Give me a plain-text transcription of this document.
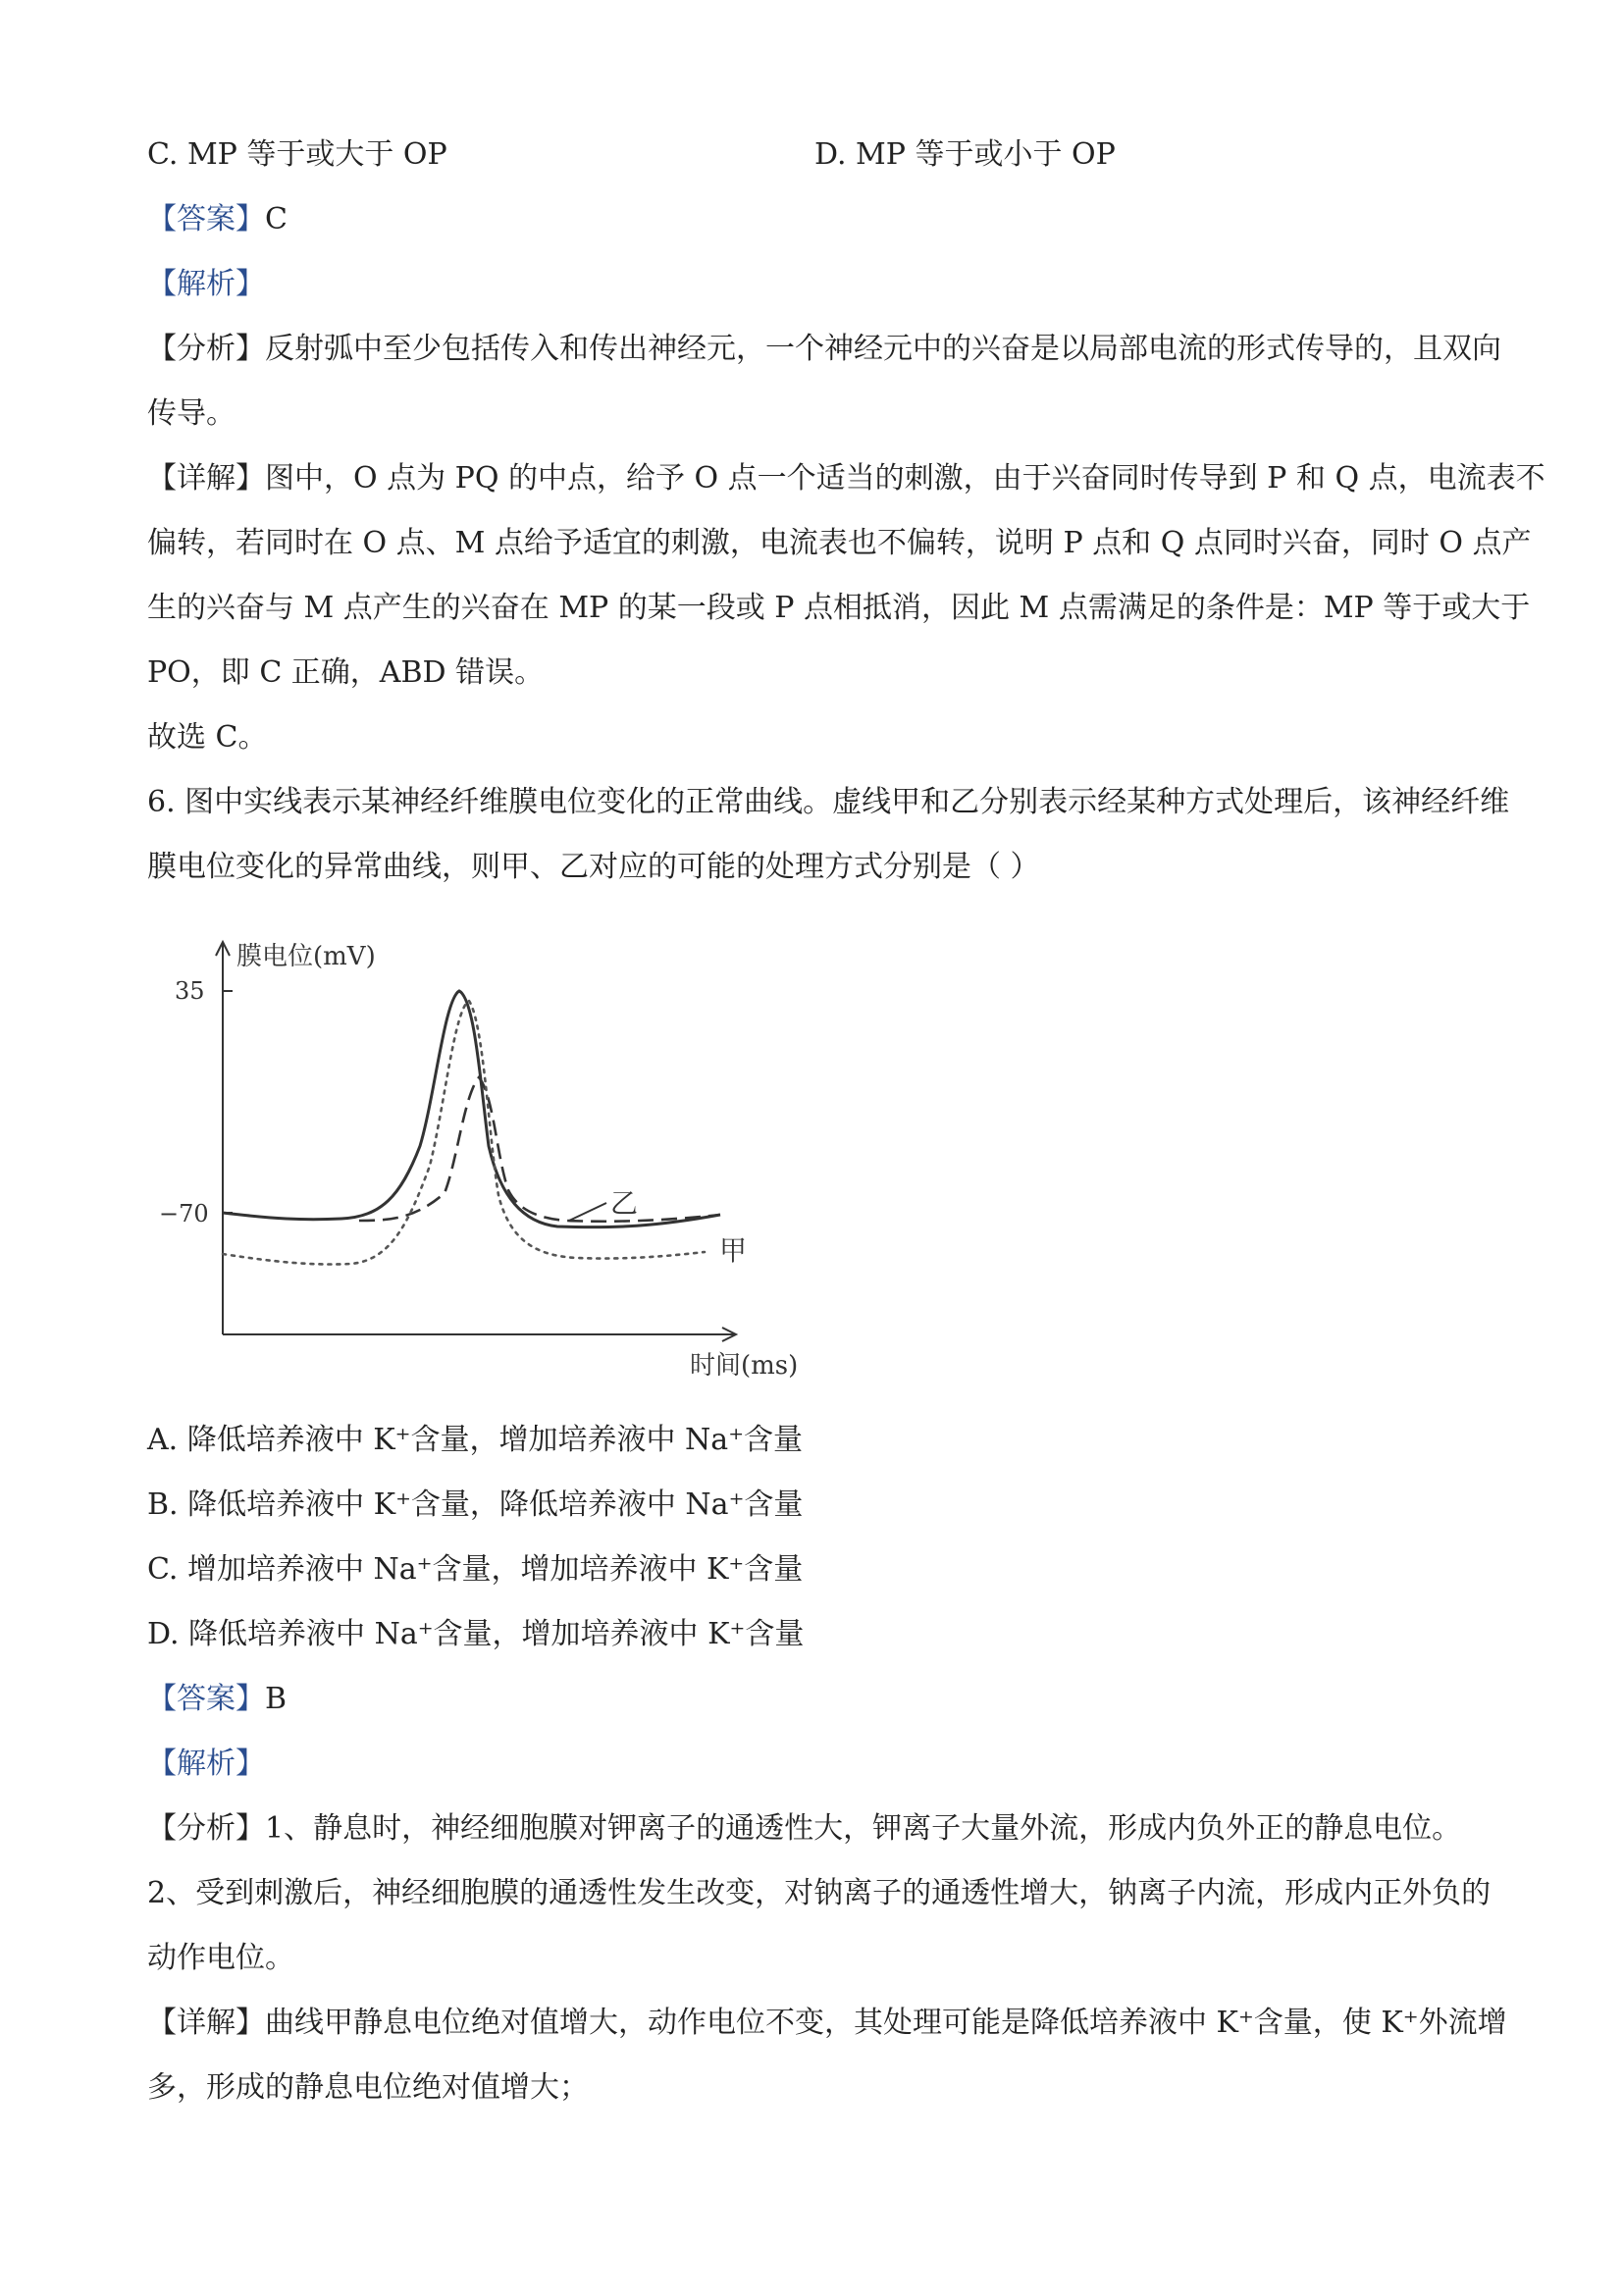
C. MP 等于或大于 OP	D. MP 等于或小于 OP
【答案】C
【解析】
【分析】反射弧中至少包括传入和传出神经元，一个神经元中的兴奋是以局部电流的形式传导的，且双向
传导。
【详解】图中，O 点为 PQ 的中点，给予 O 点一个适当的刺激，由于兴奋同时传导到 P 和 Q 点，电流表不
偏转，若同时在 O 点、M 点给予适宜的刺激，电流表也不偏转，说明 P 点和 Q 点同时兴奋，同时 O 点产
生的兴奋与 M 点产生的兴奋在 MP 的某一段或 P 点相抵消，因此 M 点需满足的条件是：MP 等于或大于
PO，即 C 正确，ABD 错误。
故选 C。
6. 图中实线表示某神经纤维膜电位变化的正常曲线。虚线甲和乙分别表示经某种方式处理后，该神经纤维
膜电位变化的异常曲线，则甲、乙对应的可能的处理方式分别是（ ）
膜电位(mV)
35
−70
时间(ms)
乙
甲
A. 降低培养液中 K⁺含量，增加培养液中 Na⁺含量
B. 降低培养液中 K⁺含量，降低培养液中 Na⁺含量
C. 增加培养液中 Na⁺含量，增加培养液中 K⁺含量
D. 降低培养液中 Na⁺含量，增加培养液中 K⁺含量
【答案】B
【解析】
【分析】1、静息时，神经细胞膜对钾离子的通透性大，钾离子大量外流，形成内负外正的静息电位。
2、受到刺激后，神经细胞膜的通透性发生改变，对钠离子的通透性增大，钠离子内流，形成内正外负的
动作电位。
【详解】曲线甲静息电位绝对值增大，动作电位不变，其处理可能是降低培养液中 K⁺含量，使 K⁺外流增
多，形成的静息电位绝对值增大；
